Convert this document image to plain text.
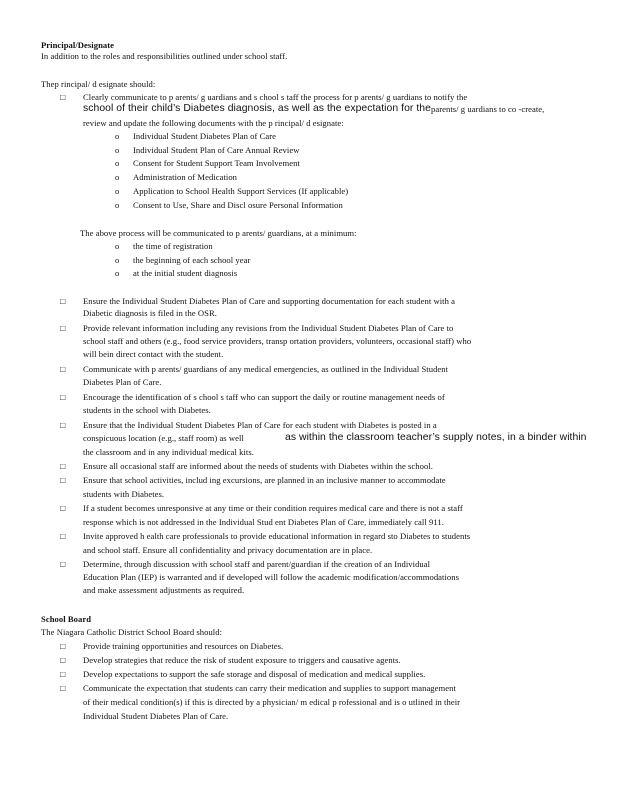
Principal/Designate
In addition to the roles and responsibilities outlined under school staff.
Thep rincipal/ d esignate should:
□ Clearly communicate to p arents/ g uardians and s chool s taff the process for p arents/ g uardians to notify the
school of their child’s Diabetes diagnosis, as well as the expectation for the parents/ g uardians to co -create,
review and update the following documents with the p rincipal/ d esignate:
o Individual Student Diabetes Plan of Care
o Individual Student Plan of Care Annual Review
o Consent for Student Support Team Involvement
o Administration of Medication
o Application to School Health Support Services (If applicable)
o Consent to Use, Share and Discl osure Personal Information
The above process will be communicated to p arents/ guardians, at a minimum:
o the time of registration
o the beginning of each school year
o at the initial student diagnosis
□ Ensure the Individual Student Diabetes Plan of Care and supporting documentation for each student with a
Diabetic diagnosis is filed in the OSR.
□ Provide relevant information including any revisions from the Individual Student Diabetes Plan of Care to
school staff and others (e.g., food service providers, transp ortation providers, volunteers, occasional staff) who
will bein direct contact with the student.
□ Communicate with p arents/ guardians of any medical emergencies, as outlined in the Individual Student
Diabetes Plan of Care.
□ Encourage the identification of s chool s taff who can support the daily or routine management needs of
students in the school with Diabetes.
□ Ensure that the Individual Student Diabetes Plan of Care for each student with Diabetes is posted in a
conspicuous location (e.g., staff room) as well	as within the classroom teacher’s supply notes, in a binder within
the classroom and in any individual medical kits.
□ Ensure all occasional staff are informed about the needs of students with Diabetes within the school.
□ Ensure that school activities, includ ing excursions, are planned in an inclusive manner to accommodate
students with Diabetes.
□ If a student becomes unresponsive at any time or their condition requires medical care and there is not a staff
response which is not addressed in the Individual Stud ent Diabetes Plan of Care, immediately call 911.
□ Invite approved h ealth care professionals to provide educational information in regard sto Diabetes to students
and school staff. Ensure all confidentiality and privacy documentation are in place.
□ Determine, through discussion with school staff and parent/guardian if the creation of an Individual
Education Plan (IEP) is warranted and if developed will follow the academic modification/accommodations
and make assessment adjustments as required.
School Board
The Niagara Catholic District School Board should:
□ Provide training opportunities and resources on Diabetes.
□ Develop strategies that reduce the risk of student exposure to triggers and causative agents.
□ Develop expectations to support the safe storage and disposal of medication and medical supplies.
□ Communicate the expectation that students can carry their medication and supplies to support management
of their medical condition(s) if this is directed by a physician/ m edical p rofessional and is o utlined in their
Individual Student Diabetes Plan of Care.
